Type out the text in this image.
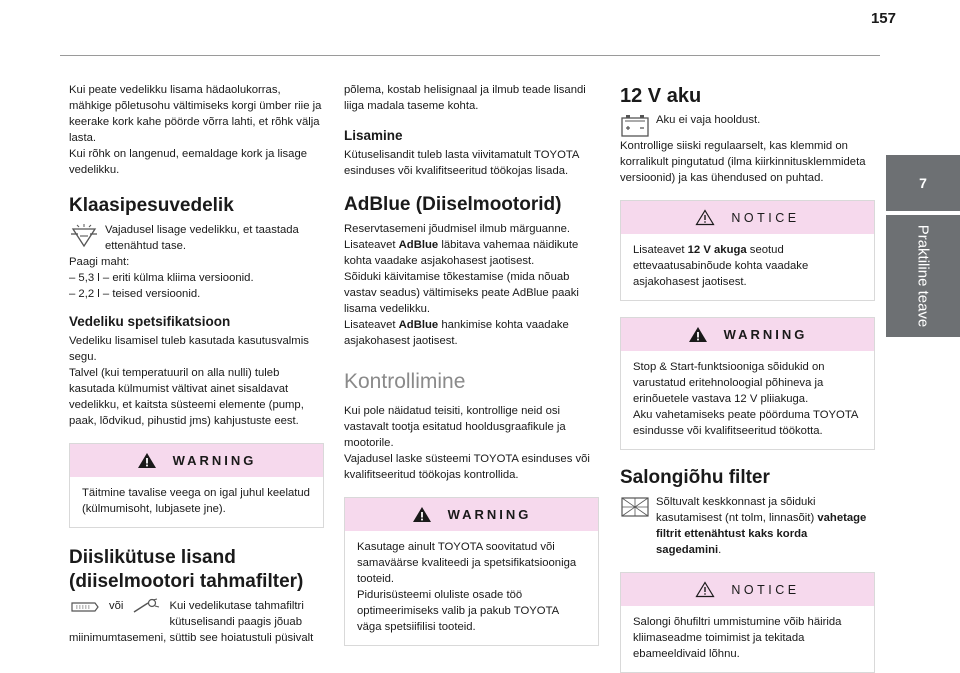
157
7
Praktiline teave

Kui peate vedelikku lisama hädaolukorras, mähkige põletusohu vältimiseks korgi ümber riie ja keerake kork kahe pöörde võrra lahti, et rõhk välja lasta.

Kui rõhk on langenud, eemaldage kork ja lisage vedelikku.

Klaasipesuvedelik

Vajadusel lisage vedelikku, et taastada ettenähtud tase.

Paagi maht:

– 5,3 l – eriti külma kliima versioonid.

– 2,2 l – teised versioonid.

Vedeliku spetsifikatsioon

Vedeliku lisamisel tuleb kasutada kasutusvalmis segu.

Talvel (kui temperatuuril on alla nulli) tuleb kasutada külmumist vältivat ainet sisaldavat vedelikku, et kaitsta süsteemi elemente (pump, paak, lõdvikud, pihustid jms) kahjustuste eest.

WARNING

Täitmine tavalise veega on igal juhul keelatud (külmumisoht, lubjasete jne).

Diislikütuse lisand

(diiselmootori tahmafilter)

või	Kui vedelikutase tahmafiltri kütuselisandi paagis jõuab

miinimumtasemeni, süttib see hoiatustuli püsivalt

põlema, kostab helisignaal ja ilmub teade lisandi liiga madala taseme kohta.

Lisamine

Kütuselisandit tuleb lasta viivitamatult TOYOTA esinduses või kvalifitseeritud töökojas lisada.

AdBlue (Diiselmootorid)

Reservtasemeni jõudmisel ilmub märguanne.

Lisateavet AdBlue läbitava vahemaa näidikute kohta vaadake asjakohasest jaotisest.

Sõiduki käivitamise tõkestamise (mida nõuab vastav seadus) vältimiseks peate AdBlue paaki lisama vedelikku.

Lisateavet AdBlue hankimise kohta vaadake asjakohasest jaotisest.

Kontrollimine

Kui pole näidatud teisiti, kontrollige neid osi vastavalt tootja esitatud hooldusgraafikule ja mootorile.

Vajadusel laske süsteemi TOYOTA esinduses või kvalifitseeritud töökojas kontrollida.

WARNING

Kasutage ainult TOYOTA soovitatud või samaväärse kvaliteedi ja spetsifikatsiooniga tooteid.

Pidurisüsteemi oluliste osade töö optimeerimiseks valib ja pakub TOYOTA väga spetsiifilisi tooteid.

12 V aku

Aku ei vaja hooldust.

Kontrollige siiski regulaarselt, kas klemmid on korralikult pingutatud (ilma kiirkinnitusklemmideta versioonid) ja kas ühendused on puhtad.

NOTICE

Lisateavet 12 V akuga seotud ettevaatusabinõude kohta vaadake asjakohasest jaotisest.

WARNING

Stop & Start-funktsiooniga sõidukid on varustatud eritehnoloogial põhineva ja erinõuetele vastava 12 V pliiakuga.

Aku vahetamiseks peate pöörduma TOYOTA esindusse või kvalifitseeritud töökotta.

Salongiõhu filter

Sõltuvalt keskkonnast ja sõiduki kasutamisest (nt tolm, linnasõit) vahetage filtrit ettenähtust kaks korda sagedamini.

NOTICE

Salongi õhufiltri ummistumine võib häirida kliimaseadme toimimist ja tekitada ebameeldivaid lõhnu.
